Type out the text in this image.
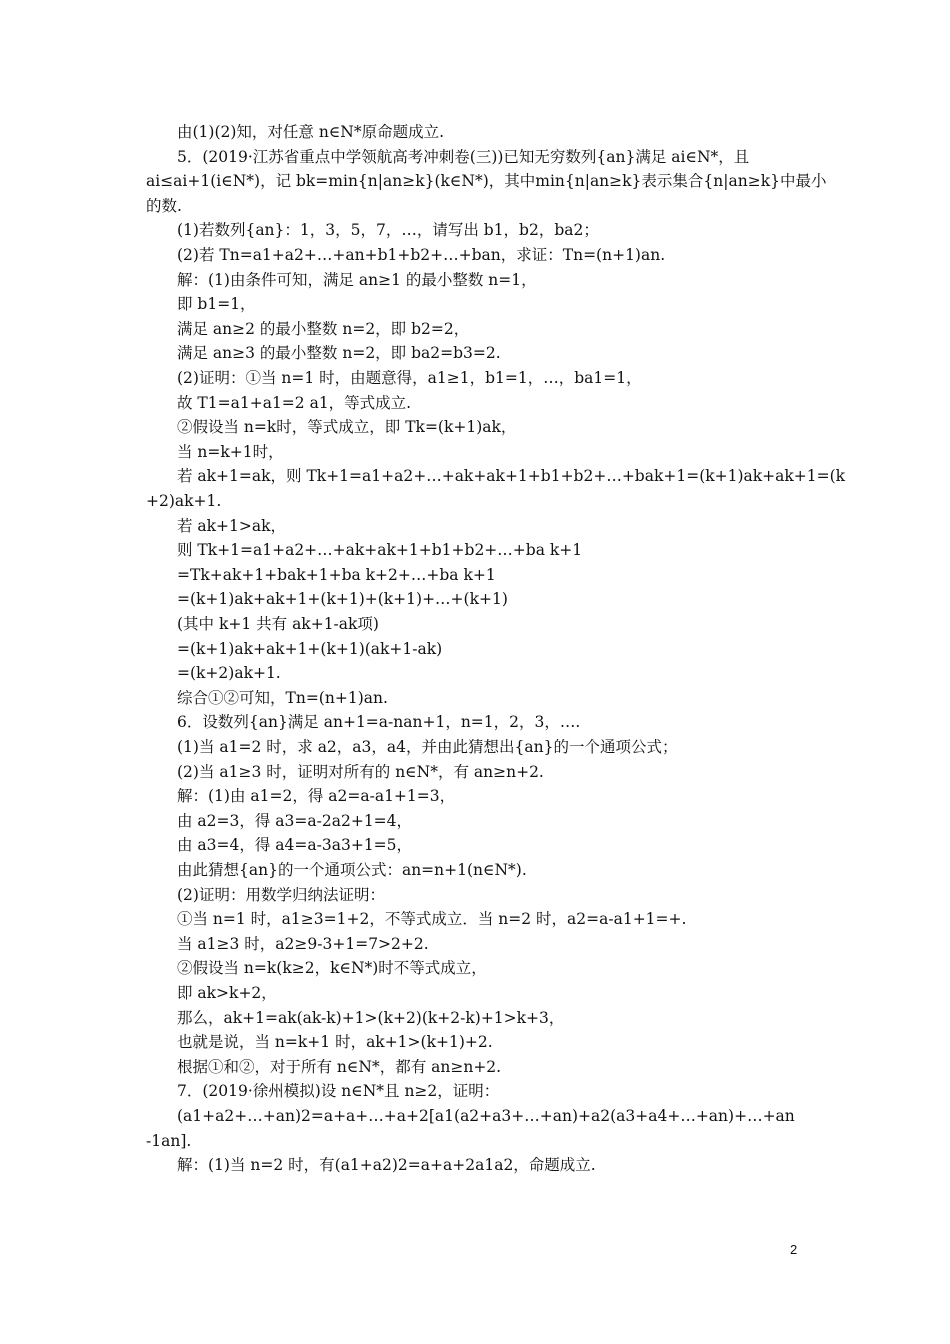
由(1)(2)知，对任意 n∈N*原命题成立.
5．(2019·江苏省重点中学领航高考冲刺卷(三))已知无穷数列{an}满足 ai∈N*，且
ai≤ai+1(i∈N*)，记 bk=min{n|an≥k}(k∈N*)，其中min{n|an≥k}表示集合{n|an≥k}中最小
的数.
(1)若数列{an}：1，3，5，7，…，请写出 b1，b2，ba2；
(2)若 Tn=a1+a2+…+an+b1+b2+…+ban，求证：Tn=(n+1)an.
解：(1)由条件可知，满足 an≥1 的最小整数 n=1，
即 b1=1，
满足 an≥2 的最小整数 n=2，即 b2=2，
满足 an≥3 的最小整数 n=2，即 ba2=b3=2.
(2)证明：①当 n=1 时，由题意得，a1≥1，b1=1，…，ba1=1，
故 T1=a1+a1=2 a1，等式成立.
②假设当 n=k时，等式成立，即 Tk=(k+1)ak，
当 n=k+1时，
若 ak+1=ak，则 Tk+1=a1+a2+…+ak+ak+1+b1+b2+…+bak+1=(k+1)ak+ak+1=(k
+2)ak+1.
若 ak+1>ak，
则 Tk+1=a1+a2+…+ak+ak+1+b1+b2+…+ba k+1
=Tk+ak+1+bak+1+ba k+2+…+ba k+1
=(k+1)ak+ak+1+(k+1)+(k+1)+…+(k+1)
(其中 k+1 共有 ak+1-ak项)
=(k+1)ak+ak+1+(k+1)(ak+1-ak)
=(k+2)ak+1.
综合①②可知，Tn=(n+1)an.
6．设数列{an}满足 an+1=a-nan+1，n=1，2，3，….
(1)当 a1=2 时，求 a2，a3，a4，并由此猜想出{an}的一个通项公式；
(2)当 a1≥3 时，证明对所有的 n∈N*，有 an≥n+2.
解：(1)由 a1=2，得 a2=a-a1+1=3，
由 a2=3，得 a3=a-2a2+1=4，
由 a3=4，得 a4=a-3a3+1=5，
由此猜想{an}的一个通项公式：an=n+1(n∈N*).
(2)证明：用数学归纳法证明：
①当 n=1 时，a1≥3=1+2，不等式成立．当 n=2 时，a2=a-a1+1=+.
当 a1≥3 时，a2≥9-3+1=7>2+2.
②假设当 n=k(k≥2，k∈N*)时不等式成立，
即 ak>k+2，
那么，ak+1=ak(ak-k)+1>(k+2)(k+2-k)+1>k+3，
也就是说，当 n=k+1 时，ak+1>(k+1)+2.
根据①和②，对于所有 n∈N*，都有 an≥n+2.
7．(2019·徐州模拟)设 n∈N*且 n≥2，证明：
(a1+a2+…+an)2=a+a+…+a+2[a1(a2+a3+…+an)+a2(a3+a4+…+an)+…+an
-1an].
解：(1)当 n=2 时，有(a1+a2)2=a+a+2a1a2，命题成立.
2
